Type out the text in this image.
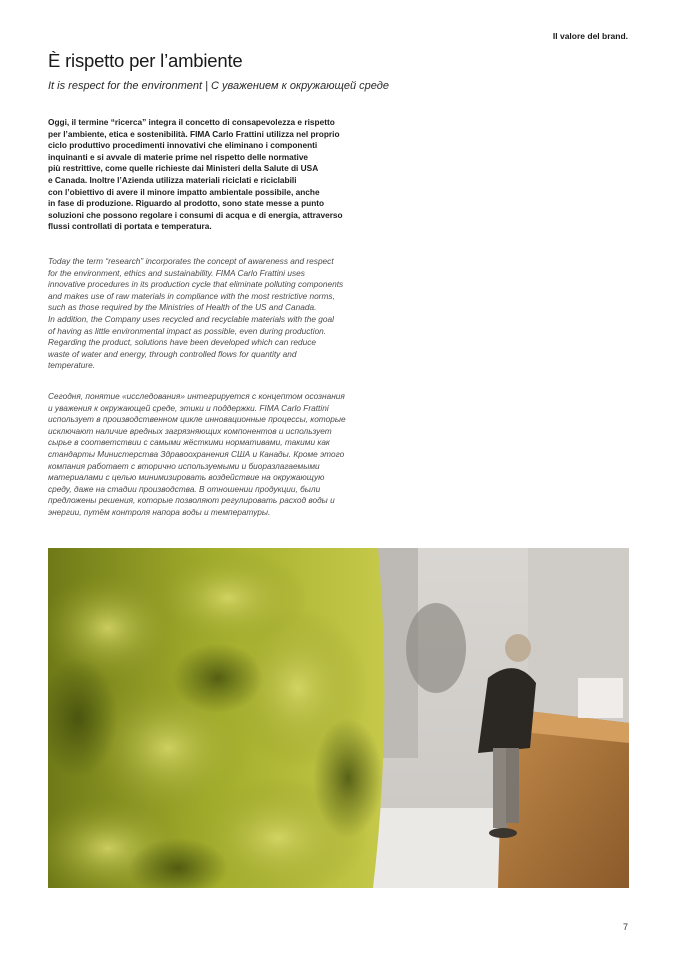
Il valore del brand.
È rispetto per l’ambiente

It is respect for the environment | С уважением к окружающей среде

Oggi, il termine “ricerca” integra il concetto di consapevolezza e rispetto
per l’ambiente, etica e sostenibilità. FIMA Carlo Frattini utilizza nel proprio
ciclo produttivo procedimenti innovativi che eliminano i componenti
inquinanti e si avvale di materie prime nel rispetto delle normative
più restrittive, come quelle richieste dai Ministeri della Salute di USA
e Canada. Inoltre l’Azienda utilizza materiali riciclati e riciclabili
con l’obiettivo di avere il minore impatto ambientale possibile, anche
in fase di produzione. Riguardo al prodotto, sono state messe a punto
soluzioni che possono regolare i consumi di acqua e di energia, attraverso
flussi controllati di portata e temperatura.

Today the term “research” incorporates the concept of awareness and respect
for the environment, ethics and sustainability. FIMA Carlo Frattini uses
innovative procedures in its production cycle that eliminate polluting components
and makes use of raw materials in compliance with the most restrictive norms,
such as those required by the Ministries of Health of the US and Canada.
In addition, the Company uses recycled and recyclable materials with the goal
of having as little environmental impact as possible, even during production.
Regarding the product, solutions have been developed which can reduce
waste of water and energy, through controlled flows for quantity and
temperature.

Сегодня, понятие «исследования» интегрируется с концептом осознания
и уважения к окружающей среде, этики и поддержки. FIMA Carlo Frattini
использует в производственном цикле инновационные процессы, которые
исключают наличие вредных загрязняющих компонентов и использует
сырье в соответствии с самыми жёсткими нормативами, такими как
стандарты Министерства Здравоохранения США и Канады. Кроме этого
компания работает с вторично используемыми и биоразлагаемыми
материалами с целью минимизировать воздействие на окружающую
среду, даже на стадии производства. В отношении продукции, были
предложены решения, которые позволяют регулировать расход воды и
энергии, путём контроля напора воды и температуры.

7
